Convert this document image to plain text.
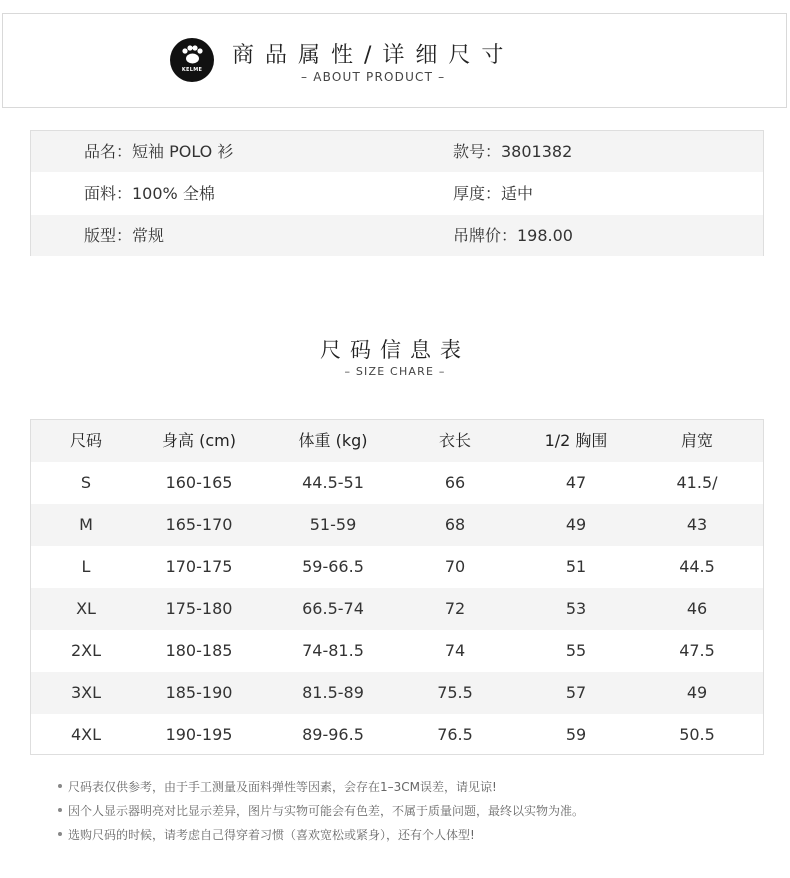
KELME
商品属性/详细尺寸
– ABOUT PRODUCT –
品名：短袖 POLO 衫	款号：3801382
面料：100% 全棉	厚度：适中
版型：常规	吊牌价：198.00
尺码信息表
– SIZE CHARE –
尺码	身高 (cm)	体重 (kg)	衣长	1/2 胸围	肩宽
S	160-165	44.5-51	66	47	41.5/
M	165-170	51-59	68	49	43
L	170-175	59-66.5	70	51	44.5
XL	175-180	66.5-74	72	53	46
2XL	180-185	74-81.5	74	55	47.5
3XL	185-190	81.5-89	75.5	57	49
4XL	190-195	89-96.5	76.5	59	50.5
尺码表仅供参考，由于手工测量及面料弹性等因素，会存在1–3CM误差，请见谅!
因个人显示器明亮对比显示差异，图片与实物可能会有色差，不属于质量问题，最终以实物为准。
选购尺码的时候，请考虑自己得穿着习惯（喜欢宽松或紧身），还有个人体型!
